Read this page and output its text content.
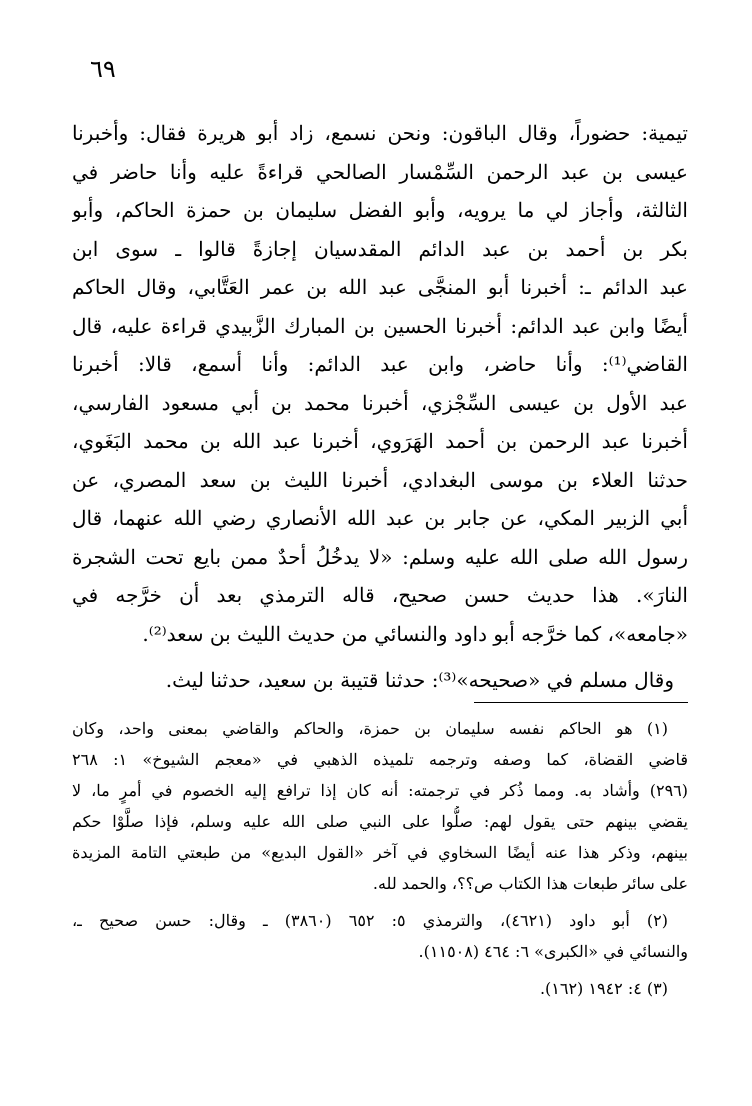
٦٩
تيمية: حضوراً، وقال الباقون: ونحن نسمع، زاد أبو هريرة فقال: وأخبرنا
عيسى بن عبد الرحمن السِّمْسار الصالحي قراءةً عليه وأنا حاضر في
الثالثة، وأجاز لي ما يرويه، وأبو الفضل سليمان بن حمزة الحاكم، وأبو
بكر بن أحمد بن عبد الدائم المقدسيان إجازةً قالوا ـ سوى ابن
عبد الدائم ـ: أخبرنا أبو المنجَّى عبد الله بن عمر العَتَّابي، وقال الحاكم
أيضًا وابن عبد الدائم: أخبرنا الحسين بن المبارك الزَّبيدي قراءة عليه، قال
القاضي⁽¹⁾: وأنا حاضر، وابن عبد الدائم: وأنا أسمع، قالا: أخبرنا
عبد الأول بن عيسى السِّجْزي، أخبرنا محمد بن أبي مسعود الفارسي،
أخبرنا عبد الرحمن بن أحمد الهَرَوي، أخبرنا عبد الله بن محمد البَغَوي،
حدثنا العلاء بن موسى البغدادي، أخبرنا الليث بن سعد المصري، عن
أبي الزبير المكي، عن جابر بن عبد الله الأنصاري رضي الله عنهما، قال
رسول الله صلى الله عليه وسلم: «لا يدخُلُ أحدٌ ممن بايع تحت الشجرة
النارَ». هذا حديث حسن صحيح، قاله الترمذي بعد أن خرَّجه في
«جامعه»، كما خرَّجه أبو داود والنسائي من حديث الليث بن سعد⁽²⁾.
وقال مسلم في «صحيحه»⁽³⁾: حدثنا قتيبة بن سعيد، حدثنا ليث.
(١) هو الحاكم نفسه سليمان بن حمزة، والحاكم والقاضي بمعنى واحد، وكان
قاضي القضاة، كما وصفه وترجمه تلميذه الذهبي في «معجم الشيوخ» ١: ٢٦٨
(٢٩٦) وأشاد به. ومما ذُكر في ترجمته: أنه كان إذا ترافع إليه الخصوم في أمرٍ ما، لا
يقضي بينهم حتى يقول لهم: صلُّوا على النبي صلى الله عليه وسلم، فإذا صلَّوْا حكم
بينهم، وذكر هذا عنه أيضًا السخاوي في آخر «القول البديع» من طبعتي التامة المزيدة
على سائر طبعات هذا الكتاب ص؟؟، والحمد لله.
(٢) أبو داود (٤٦٢١)، والترمذي ٥: ٦٥٢ (٣٨٦٠) ـ وقال: حسن صحيح ـ،
والنسائي في «الكبرى» ٦: ٤٦٤ (١١٥٠٨).
(٣) ٤: ١٩٤٢ (١٦٢).
